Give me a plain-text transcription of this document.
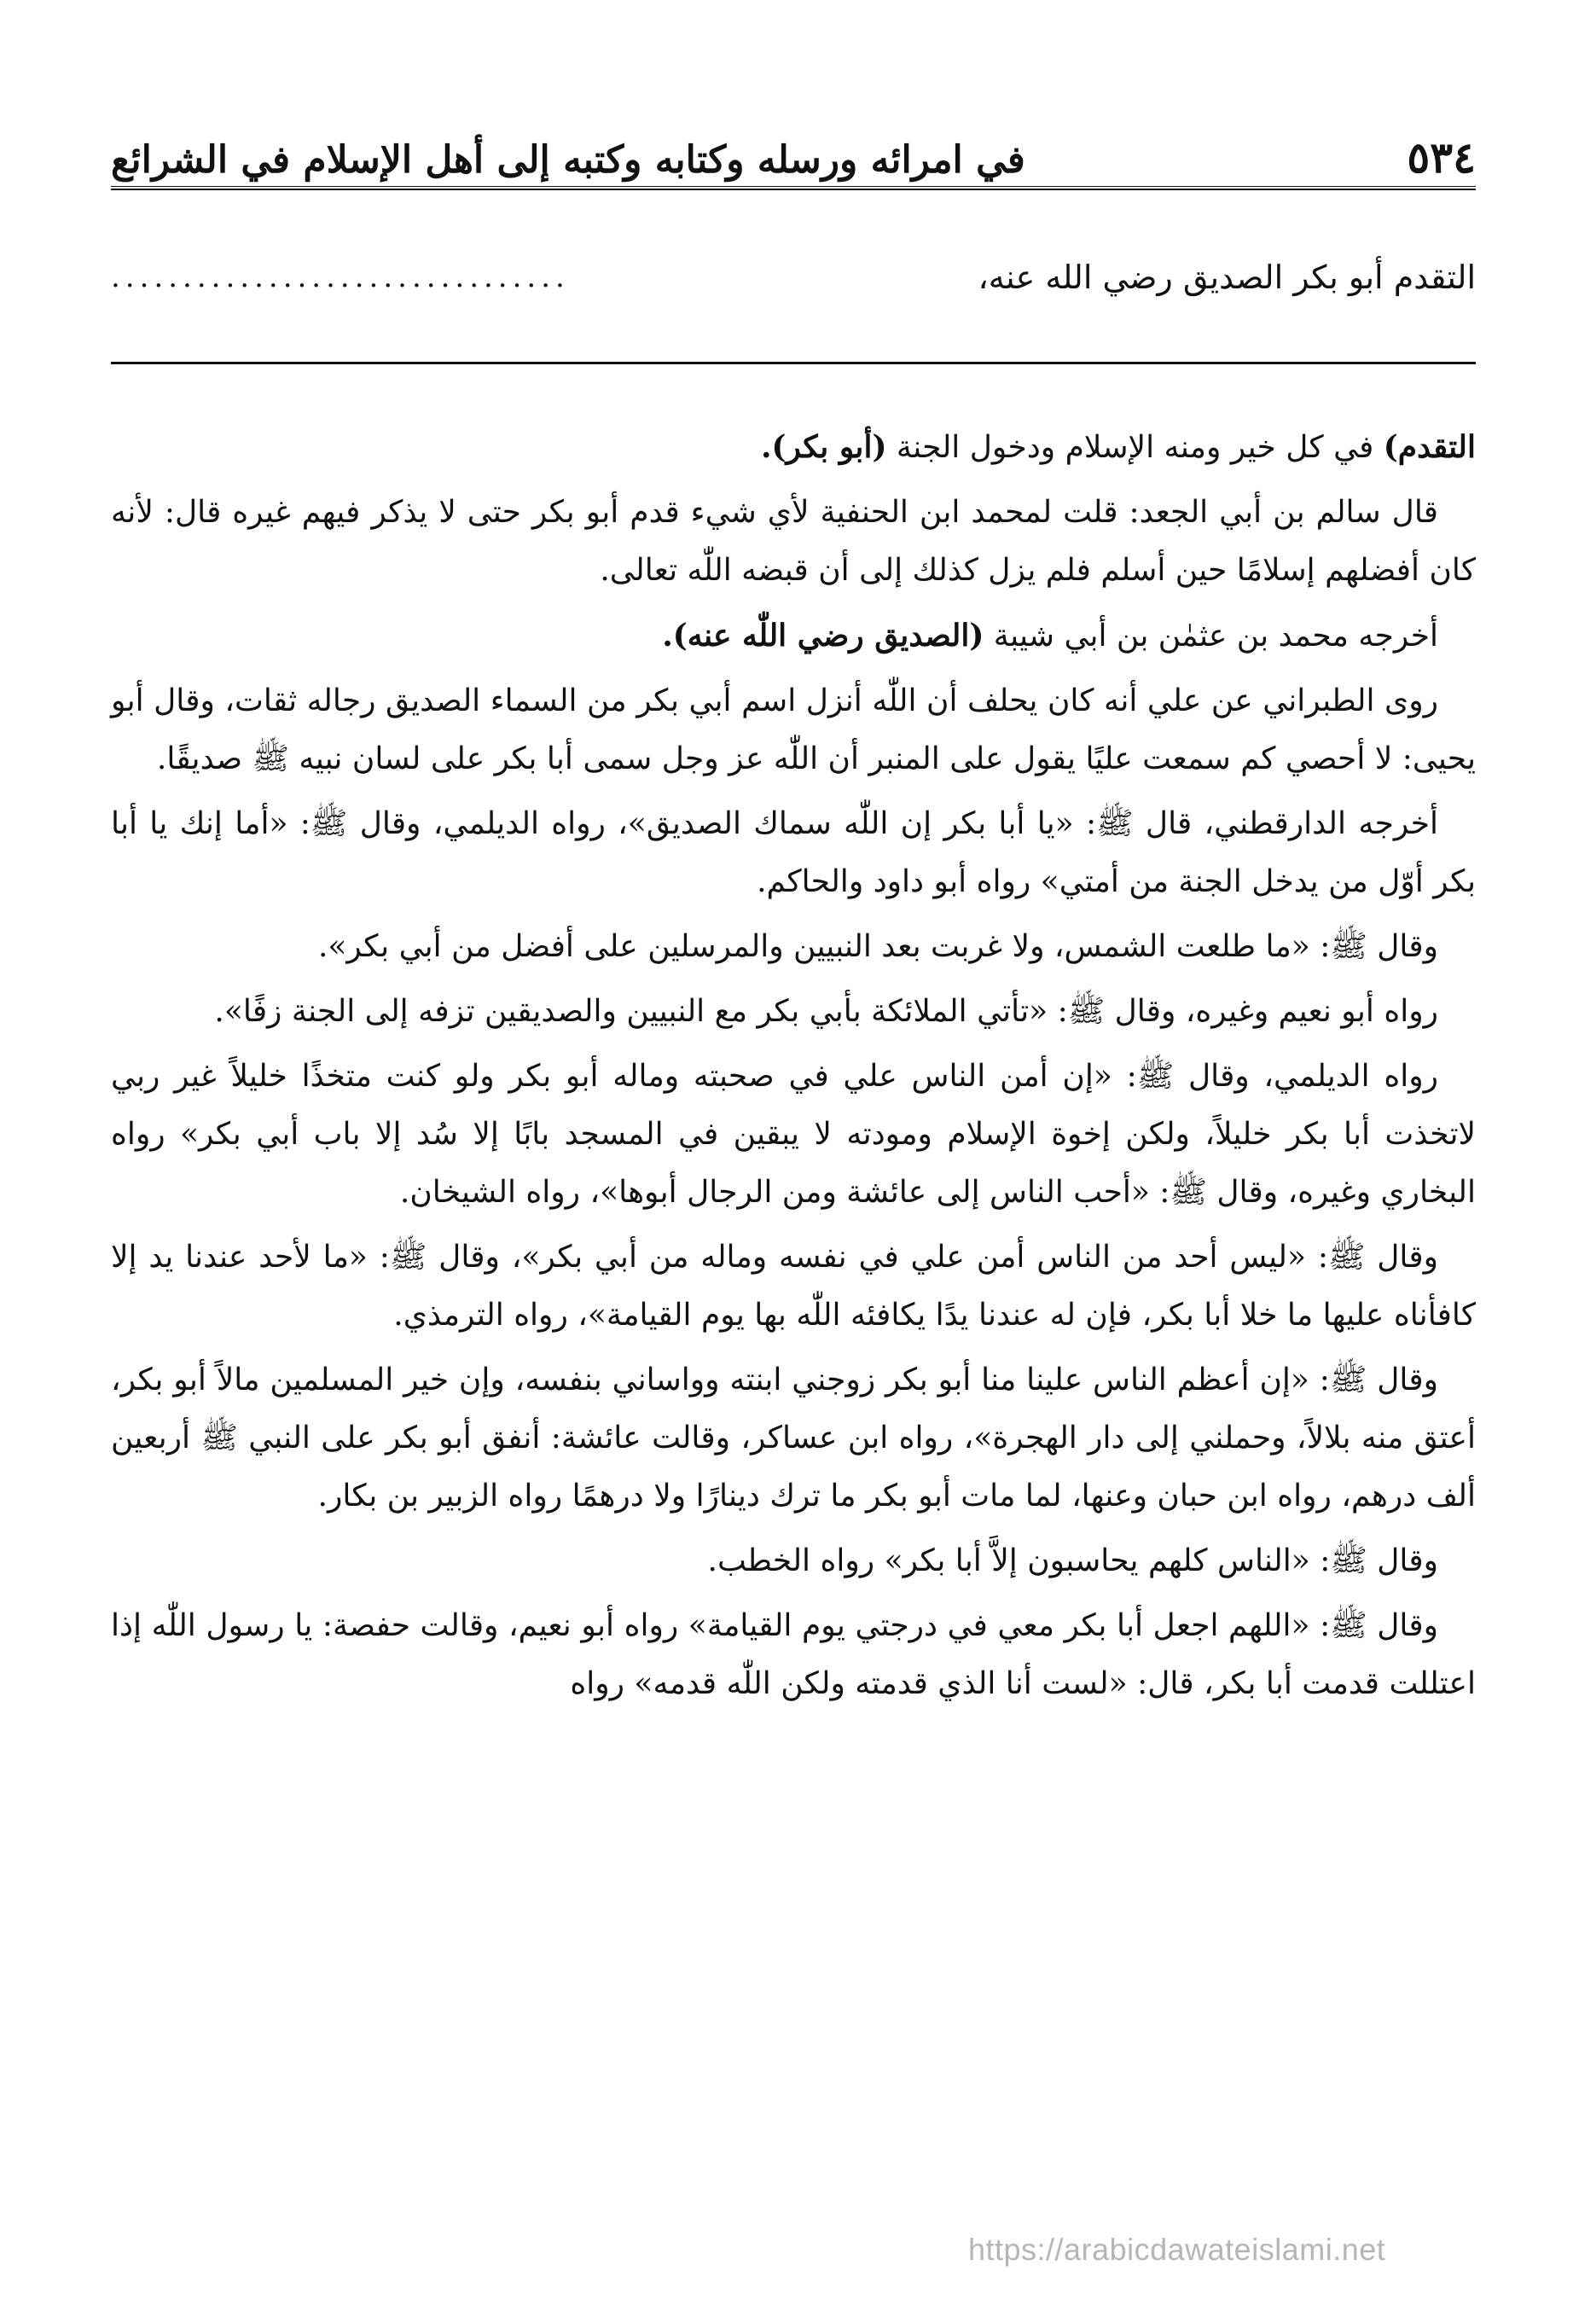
٥٣٤
في امرائه ورسله وكتابه وكتبه إلى أهل الإسلام في الشرائع
التقدم أبو بكر الصديق رضي الله عنه،
................................

التقدم) في كل خير ومنه الإسلام ودخول الجنة (أبو بكر).

قال سالم بن أبي الجعد: قلت لمحمد ابن الحنفية لأي شيء قدم أبو بكر حتى لا يذكر فيهم غيره قال: لأنه كان أفضلهم إسلامًا حين أسلم فلم يزل كذلك إلى أن قبضه اللّٰه تعالى.

أخرجه محمد بن عثمٰن بن أبي شيبة (الصديق رضي اللّٰه عنه).

روى الطبراني عن علي أنه كان يحلف أن اللّٰه أنزل اسم أبي بكر من السماء الصديق رجاله ثقات، وقال أبو يحيى: لا أحصي كم سمعت عليًا يقول على المنبر أن اللّٰه عز وجل سمى أبا بكر على لسان نبيه ﷺ صديقًا.

أخرجه الدارقطني، قال ﷺ: «يا أبا بكر إن اللّٰه سماك الصديق»، رواه الديلمي، وقال ﷺ: «أما إنك يا أبا بكر أوّل من يدخل الجنة من أمتي» رواه أبو داود والحاكم.

وقال ﷺ: «ما طلعت الشمس، ولا غربت بعد النبيين والمرسلين على أفضل من أبي بكر».

رواه أبو نعيم وغيره، وقال ﷺ: «تأتي الملائكة بأبي بكر مع النبيين والصديقين تزفه إلى الجنة زفًا».

رواه الديلمي، وقال ﷺ: «إن أمن الناس علي في صحبته وماله أبو بكر ولو كنت متخذًا خليلاً غير ربي لاتخذت أبا بكر خليلاً، ولكن إخوة الإسلام ومودته لا يبقين في المسجد بابًا إلا سُد إلا باب أبي بكر» رواه البخاري وغيره، وقال ﷺ: «أحب الناس إلى عائشة ومن الرجال أبوها»، رواه الشيخان.

وقال ﷺ: «ليس أحد من الناس أمن علي في نفسه وماله من أبي بكر»، وقال ﷺ: «ما لأحد عندنا يد إلا كافأناه عليها ما خلا أبا بكر، فإن له عندنا يدًا يكافئه اللّٰه بها يوم القيامة»، رواه الترمذي.

وقال ﷺ: «إن أعظم الناس علينا منا أبو بكر زوجني ابنته وواساني بنفسه، وإن خير المسلمين مالاً أبو بكر، أعتق منه بلالاً، وحملني إلى دار الهجرة»، رواه ابن عساكر، وقالت عائشة: أنفق أبو بكر على النبي ﷺ أربعين ألف درهم، رواه ابن حبان وعنها، لما مات أبو بكر ما ترك دينارًا ولا درهمًا رواه الزبير بن بكار.

وقال ﷺ: «الناس كلهم يحاسبون إلاَّ أبا بكر» رواه الخطب.

وقال ﷺ: «اللهم اجعل أبا بكر معي في درجتي يوم القيامة» رواه أبو نعيم، وقالت حفصة: يا رسول اللّٰه إذا اعتللت قدمت أبا بكر، قال: «لست أنا الذي قدمته ولكن اللّٰه قدمه» رواه

https://arabicdawateislami.net
